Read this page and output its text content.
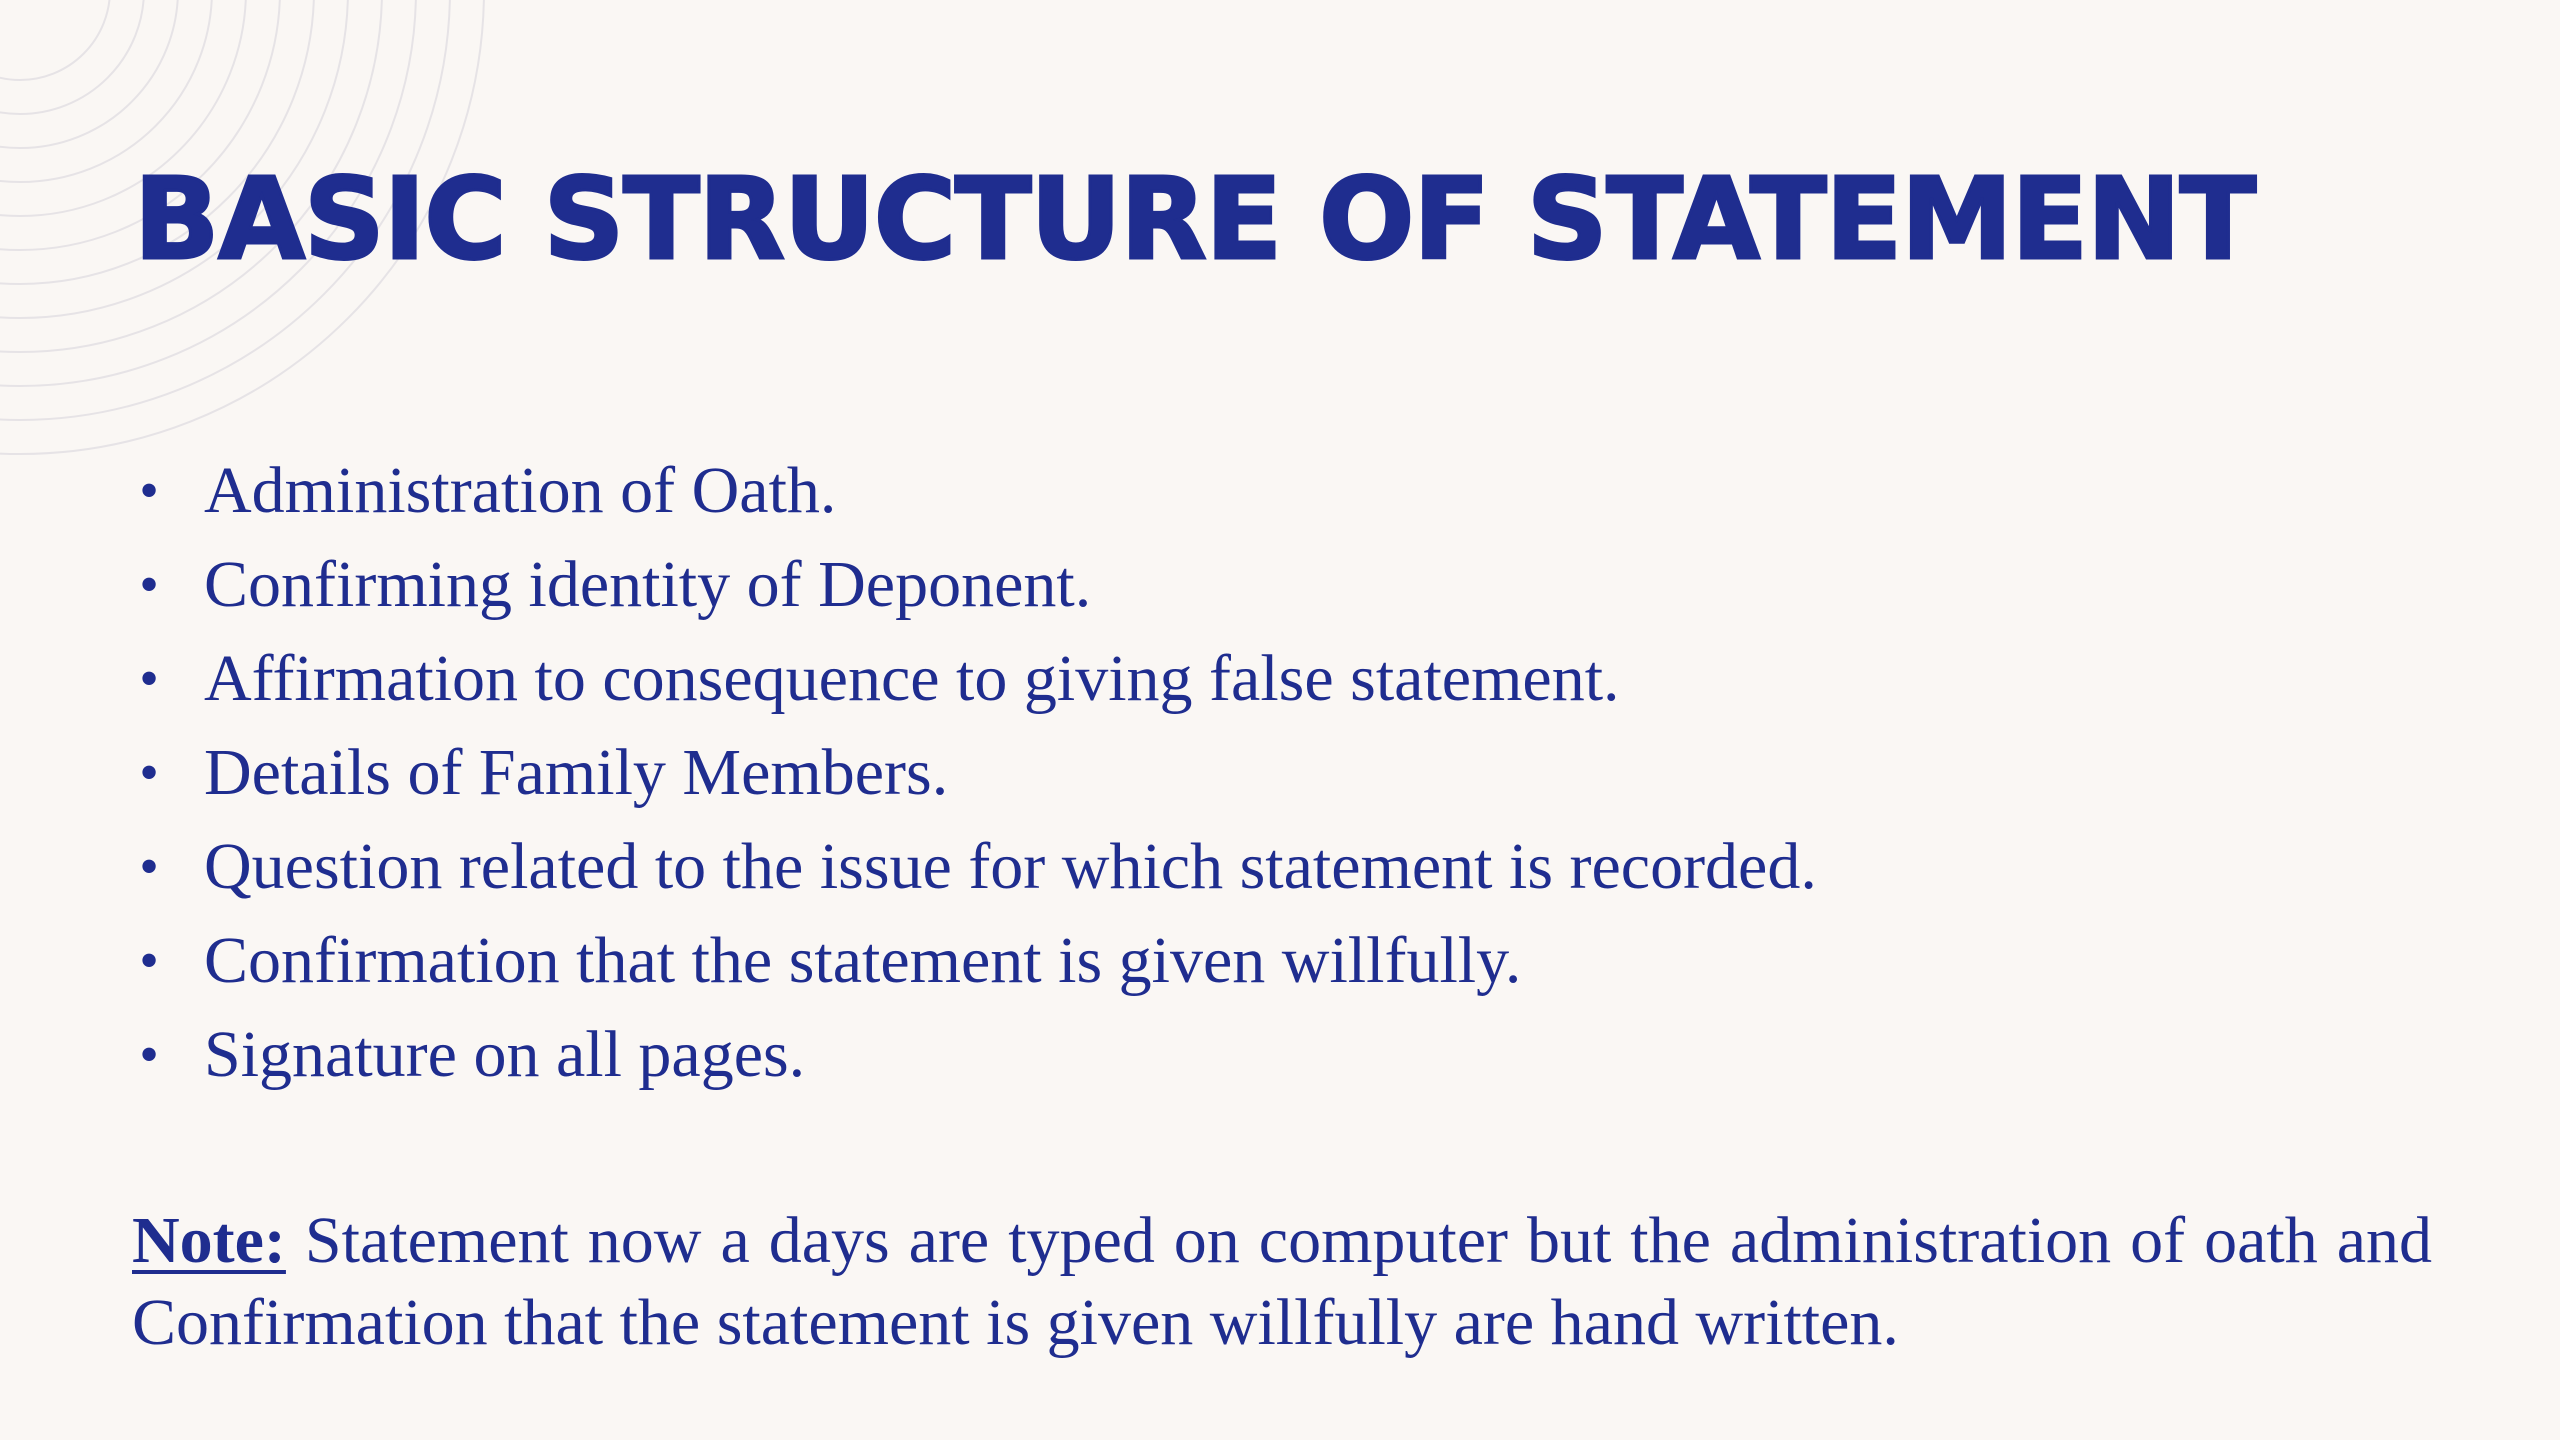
BASIC STRUCTURE OF STATEMENT
• Administration of Oath.
• Confirming identity of Deponent.
• Affirmation to consequence to giving false statement.
• Details of Family Members.
• Question related to the issue for which statement is recorded.
• Confirmation that the statement is given willfully.
• Signature on all pages.

Note: Statement now a days are typed on computer but the administration of oath and Confirmation that the statement is given willfully are hand written.
